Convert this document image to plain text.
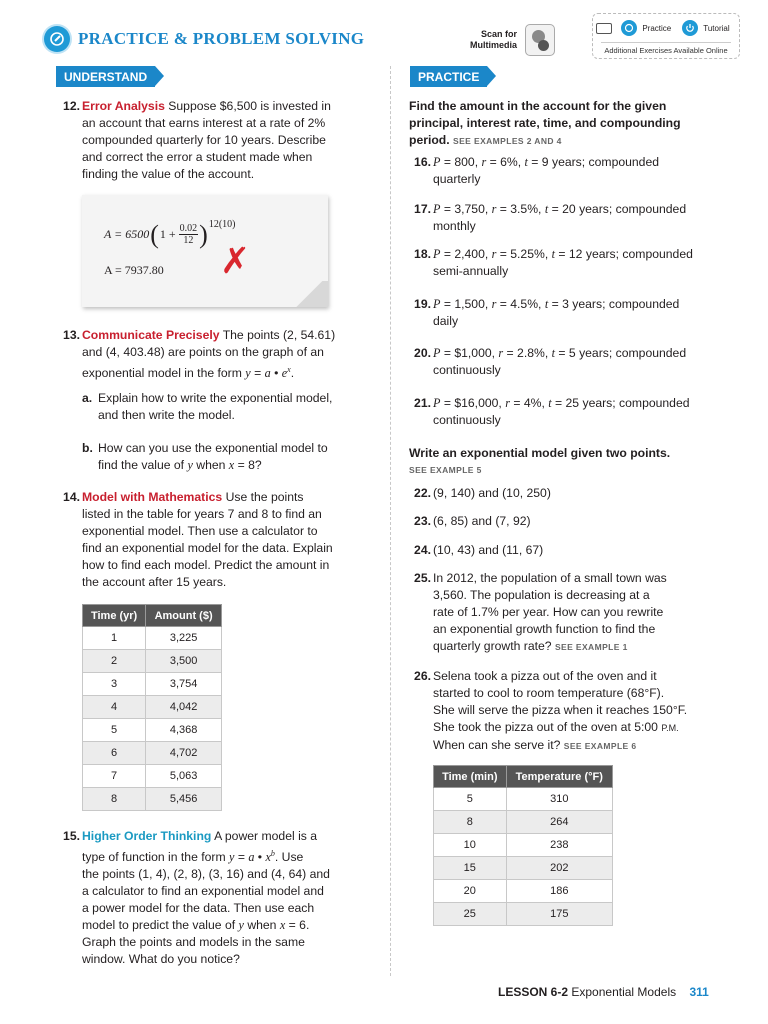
PRACTICE & PROBLEM SOLVING	Scan for
Multimedia
Practice	Tutorial
Additional Exercises Available Online
UNDERSTAND
12. Error Analysis Suppose $6,500 is invested in
an account that earns interest at a rate of 2%
compounded quarterly for 10 years. Describe
and correct the error a student made when
finding the value of the account.
A = 6500 ( $1 + \frac{0.02}{12} )^{12(10)}$
A = 7937.80 ✗
13. Communicate Precisely The points (2, 54.61)
and (4, 403.48) are points on the graph of an
exponential model in the form y = a • $e^x$.
a. Explain how to write the exponential model,
and then write the model.
b. How can you use the exponential model to
find the value of y when x = 8?
14. Model with Mathematics Use the points
listed in the table for years 7 and 8 to find an
exponential model. Then use a calculator to
find an exponential model for the data. Explain
how to find each model. Predict the amount in
the account after 15 years.
Time (yr)	Amount ($)
1	3,225
2	3,500
3	3,754
4	4,042
5	4,368
6	4,702
7	5,063
8	5,456
15. Higher Order Thinking A power model is a
type of function in the form y = a • $x^b$. Use
the points (1, 4), (2, 8), (3, 16) and (4, 64) and
a calculator to find an exponential model and
a power model for the data. Then use each
model to predict the value of y when x = 6.
Graph the points and models in the same
window. What do you notice?
PRACTICE
Find the amount in the account for the given
principal, interest rate, time, and compounding
period. SEE EXAMPLES 2 AND 4
16. P = 800, r = 6%, t = 9 years; compounded
quarterly
17. P = 3,750, r = 3.5%, t = 20 years; compounded
monthly
18. P = 2,400, r = 5.25%, t = 12 years; compounded
semi-annually
19. P = 1,500, r = 4.5%, t = 3 years; compounded
daily
20. P = $1,000, r = 2.8%, t = 5 years; compounded
continuously
21. P = $16,000, r = 4%, t = 25 years; compounded
continuously
Write an exponential model given two points.
SEE EXAMPLE 5
22. (9, 140) and (10, 250)
23. (6, 85) and (7, 92)
24. (10, 43) and (11, 67)
25. In 2012, the population of a small town was
3,560. The population is decreasing at a
rate of 1.7% per year. How can you rewrite
an exponential growth function to find the
quarterly growth rate? SEE EXAMPLE 1
26. Selena took a pizza out of the oven and it
started to cool to room temperature (68°F).
She will serve the pizza when it reaches 150°F.
She took the pizza out of the oven at 5:00 P.M.
When can she serve it? SEE EXAMPLE 6
Time (min)	Temperature (°F)
5	310
8	264
10	238
15	202
20	186
25	175
LESSON 6-2 Exponential Models 311
